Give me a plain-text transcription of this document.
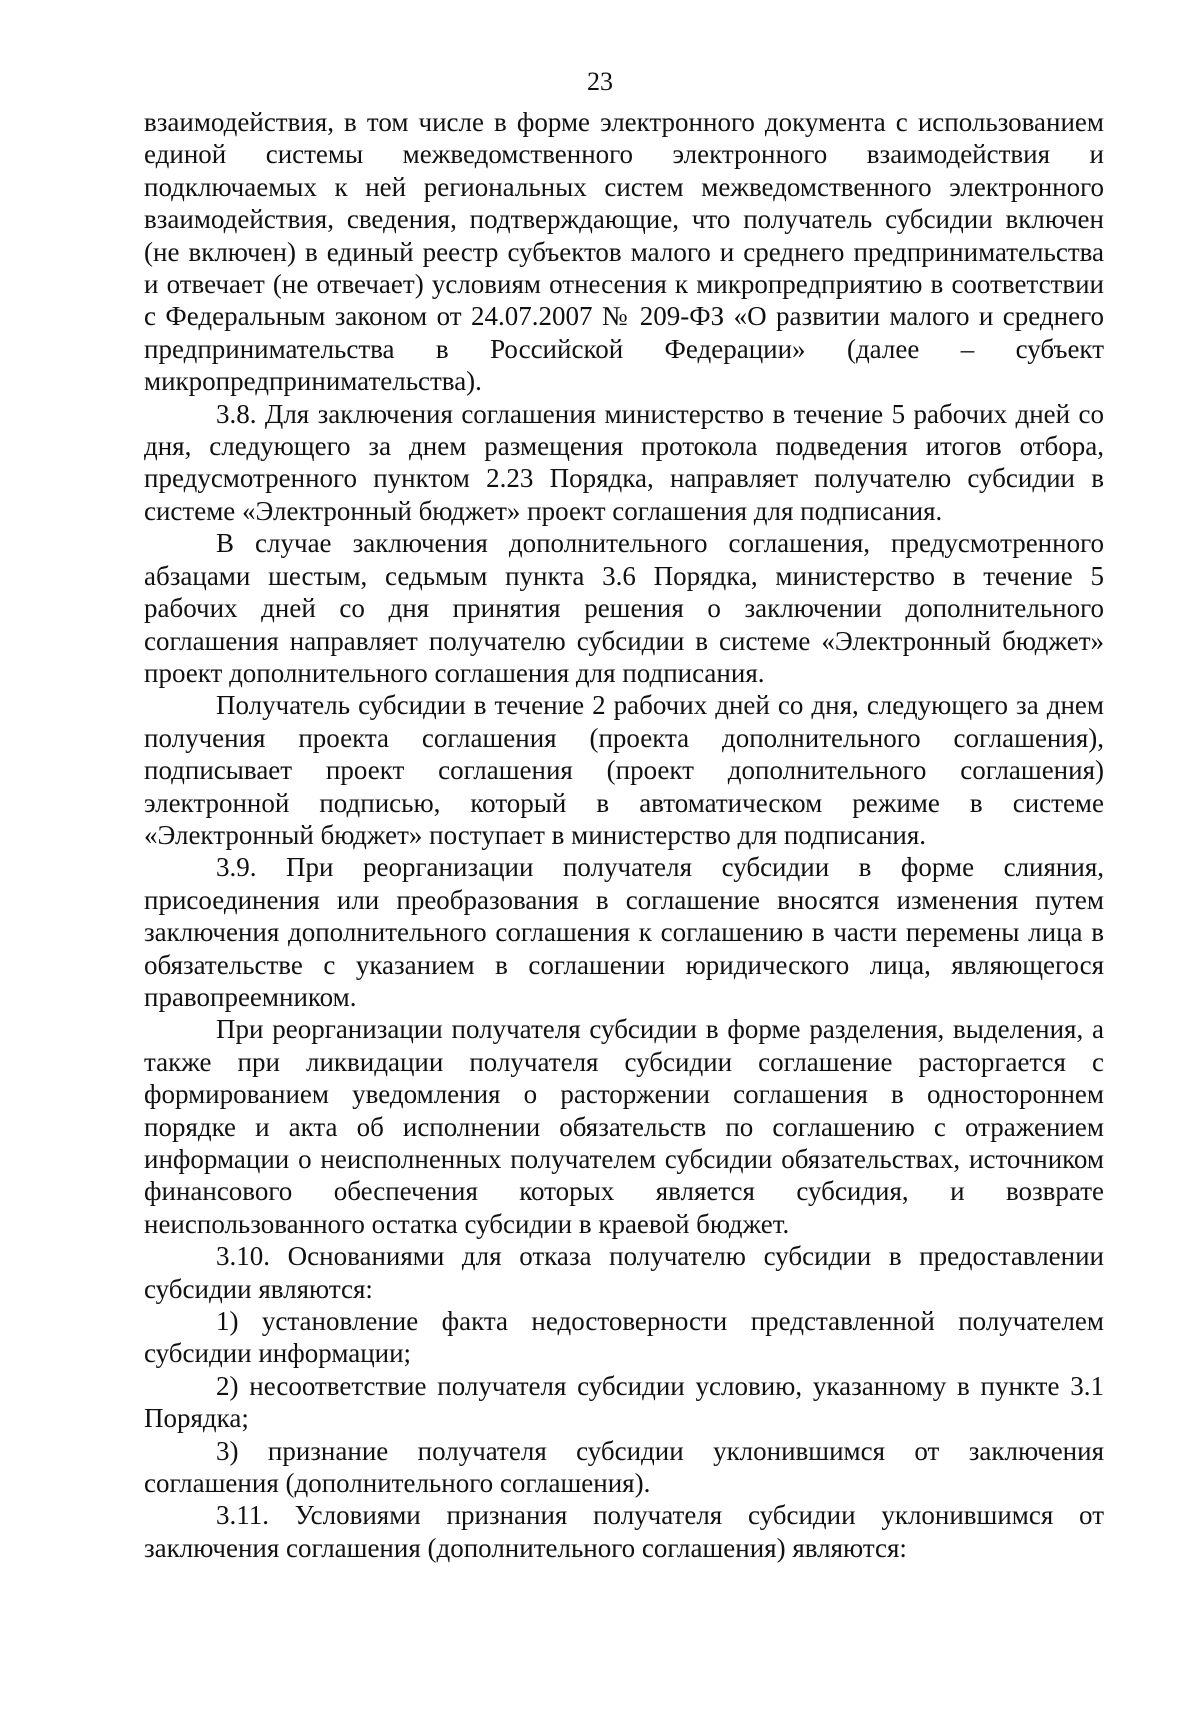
23

взаимодействия, в том числе в форме электронного документа с использованием единой системы межведомственного электронного взаимодействия и подключаемых к ней региональных систем межведомственного электронного взаимодействия, сведения, подтверждающие, что получатель субсидии включен (не включен) в единый реестр субъектов малого и среднего предпринимательства и отвечает (не отвечает) условиям отнесения к микропредприятию в соответствии с Федеральным законом от 24.07.2007 № 209-ФЗ «О развитии малого и среднего предпринимательства в Российской Федерации» (далее – субъект микропредпринимательства).

3.8. Для заключения соглашения министерство в течение 5 рабочих дней со дня, следующего за днем размещения протокола подведения итогов отбора, предусмотренного пунктом 2.23 Порядка, направляет получателю субсидии в системе «Электронный бюджет» проект соглашения для подписания.

В случае заключения дополнительного соглашения, предусмотренного абзацами шестым, седьмым пункта 3.6 Порядка, министерство в течение 5 рабочих дней со дня принятия решения о заключении дополнительного соглашения направляет получателю субсидии в системе «Электронный бюджет» проект дополнительного соглашения для подписания.

Получатель субсидии в течение 2 рабочих дней со дня, следующего за днем получения проекта соглашения (проекта дополнительного соглашения), подписывает проект соглашения (проект дополнительного соглашения) электронной подписью, который в автоматическом режиме в системе «Электронный бюджет» поступает в министерство для подписания.

3.9. При реорганизации получателя субсидии в форме слияния, присоединения или преобразования в соглашение вносятся изменения путем заключения дополнительного соглашения к соглашению в части перемены лица в обязательстве с указанием в соглашении юридического лица, являющегося правопреемником.

При реорганизации получателя субсидии в форме разделения, выделения, а также при ликвидации получателя субсидии соглашение расторгается с формированием уведомления о расторжении соглашения в одностороннем порядке и акта об исполнении обязательств по соглашению с отражением информации о неисполненных получателем субсидии обязательствах, источником финансового обеспечения которых является субсидия, и возврате неиспользованного остатка субсидии в краевой бюджет.

3.10. Основаниями для отказа получателю субсидии в предоставлении субсидии являются:

1) установление факта недостоверности представленной получателем субсидии информации;

2) несоответствие получателя субсидии условию, указанному в пункте 3.1 Порядка;

3) признание получателя субсидии уклонившимся от заключения соглашения (дополнительного соглашения).

3.11. Условиями признания получателя субсидии уклонившимся от заключения соглашения (дополнительного соглашения) являются:
